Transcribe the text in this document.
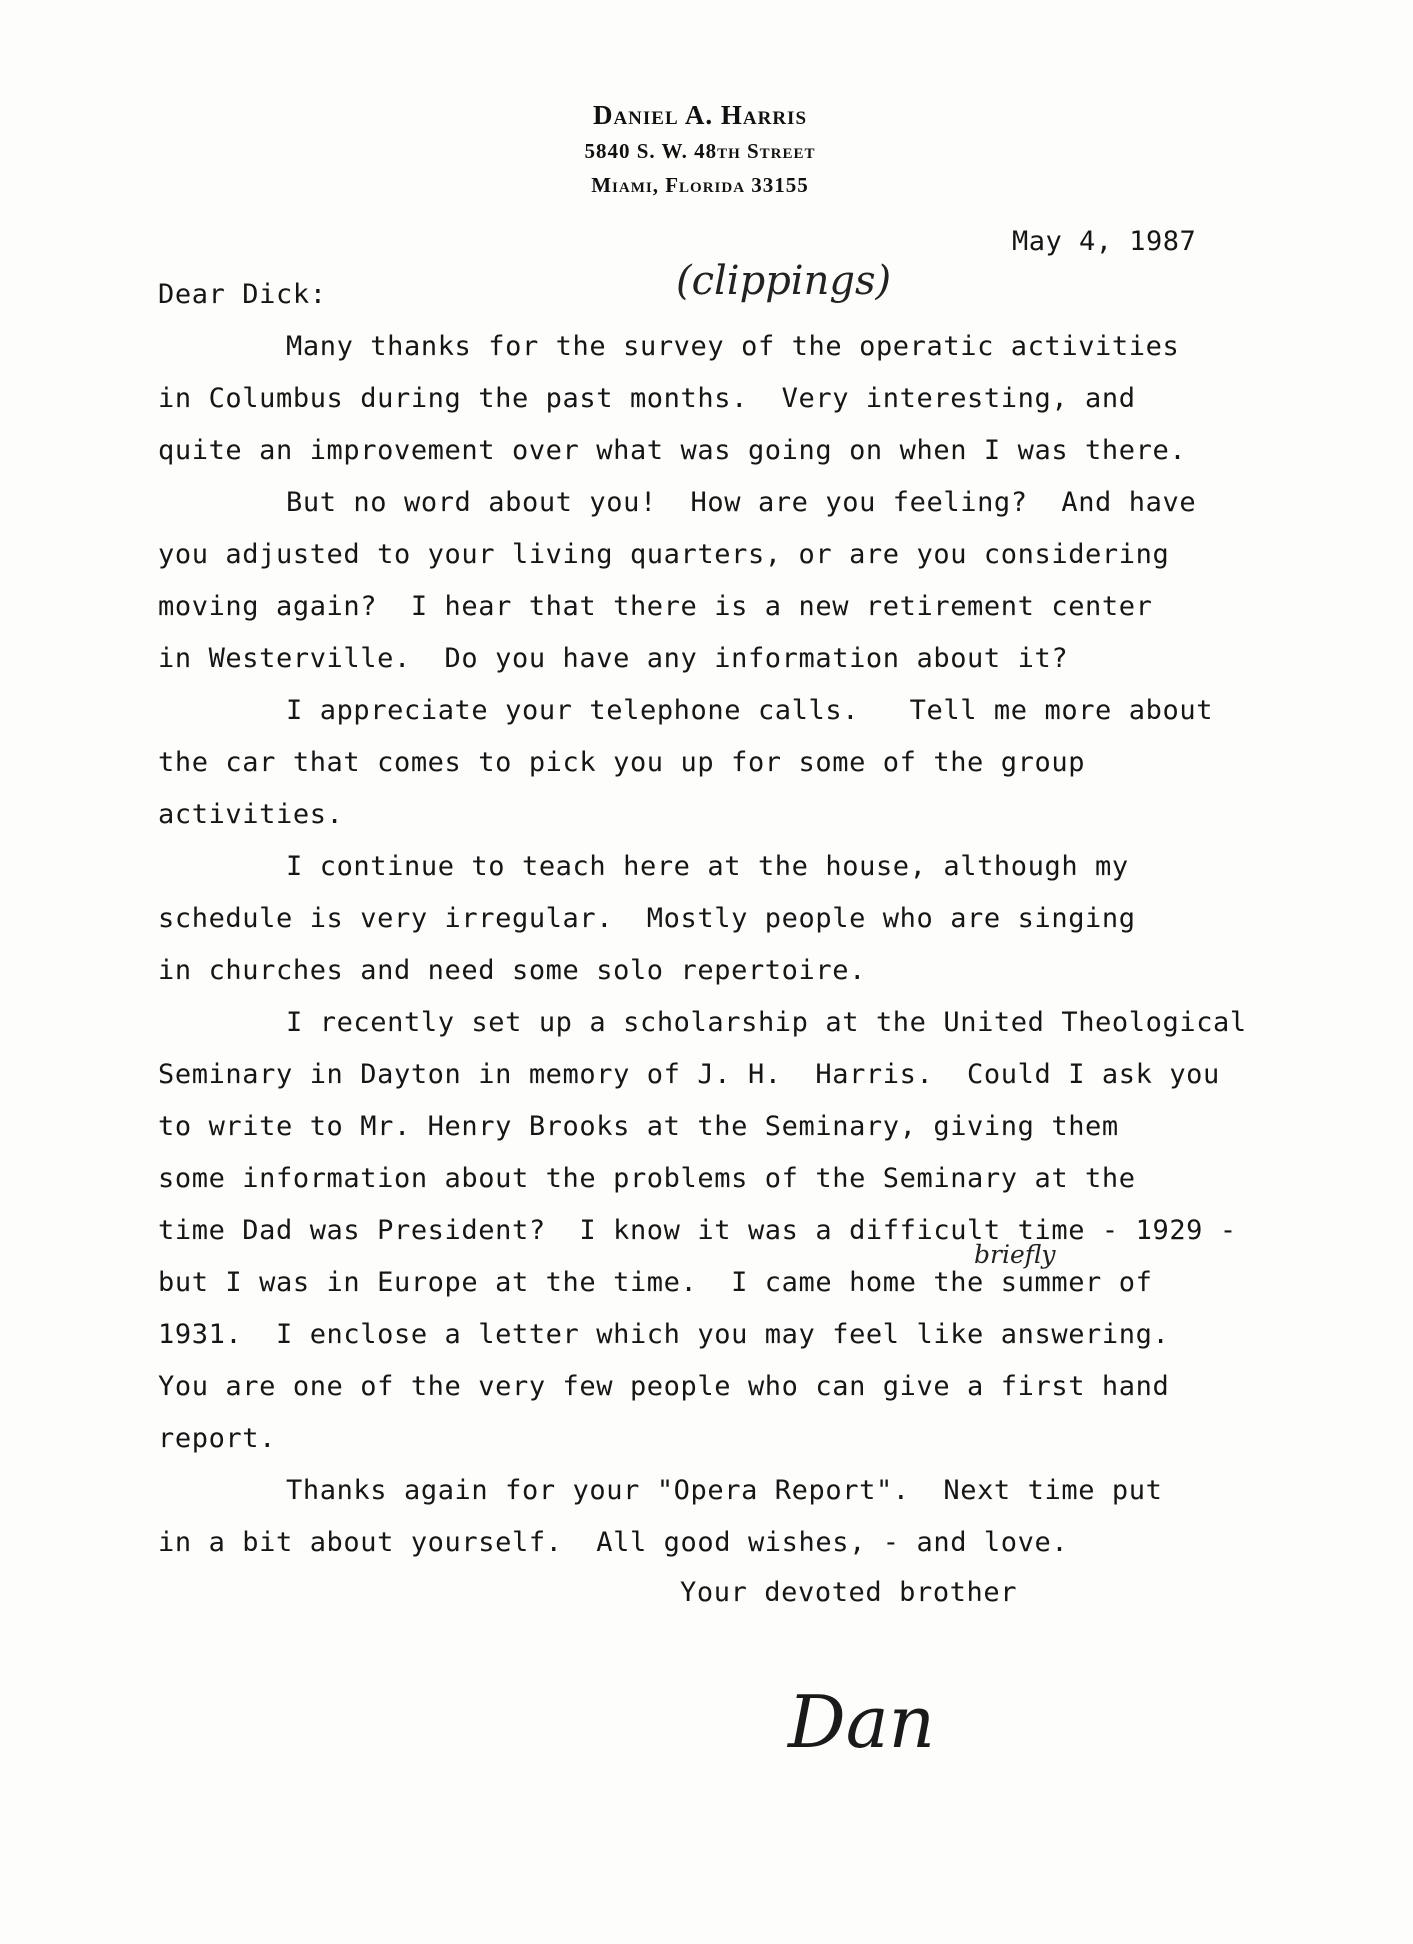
Daniel A. Harris
5840 S. W. 48th Street
Miami, Florida 33155
May 4, 1987
Dear Dick:
Many thanks for the survey of the operatic activities
in Columbus during the past months.  Very interesting, and
quite an improvement over what was going on when I was there.
But no word about you!  How are you feeling?  And have
you adjusted to your living quarters, or are you considering
moving again?  I hear that there is a new retirement center
in Westerville.  Do you have any information about it?
I appreciate your telephone calls.   Tell me more about
the car that comes to pick you up for some of the group
activities.
I continue to teach here at the house, although my
schedule is very irregular.  Mostly people who are singing
in churches and need some solo repertoire.
I recently set up a scholarship at the United Theological
Seminary in Dayton in memory of J. H.  Harris.  Could I ask you
to write to Mr. Henry Brooks at the Seminary, giving them
some information about the problems of the Seminary at the
time Dad was President?  I know it was a difficult time - 1929 -
but I was in Europe at the time.  I came home the summer of
1931.  I enclose a letter which you may feel like answering.
You are one of the very few people who can give a first hand
report.
Thanks again for your "Opera Report".  Next time put
in a bit about yourself.  All good wishes, - and love.
(clippings)
briefly
Your devoted brother
Dan
